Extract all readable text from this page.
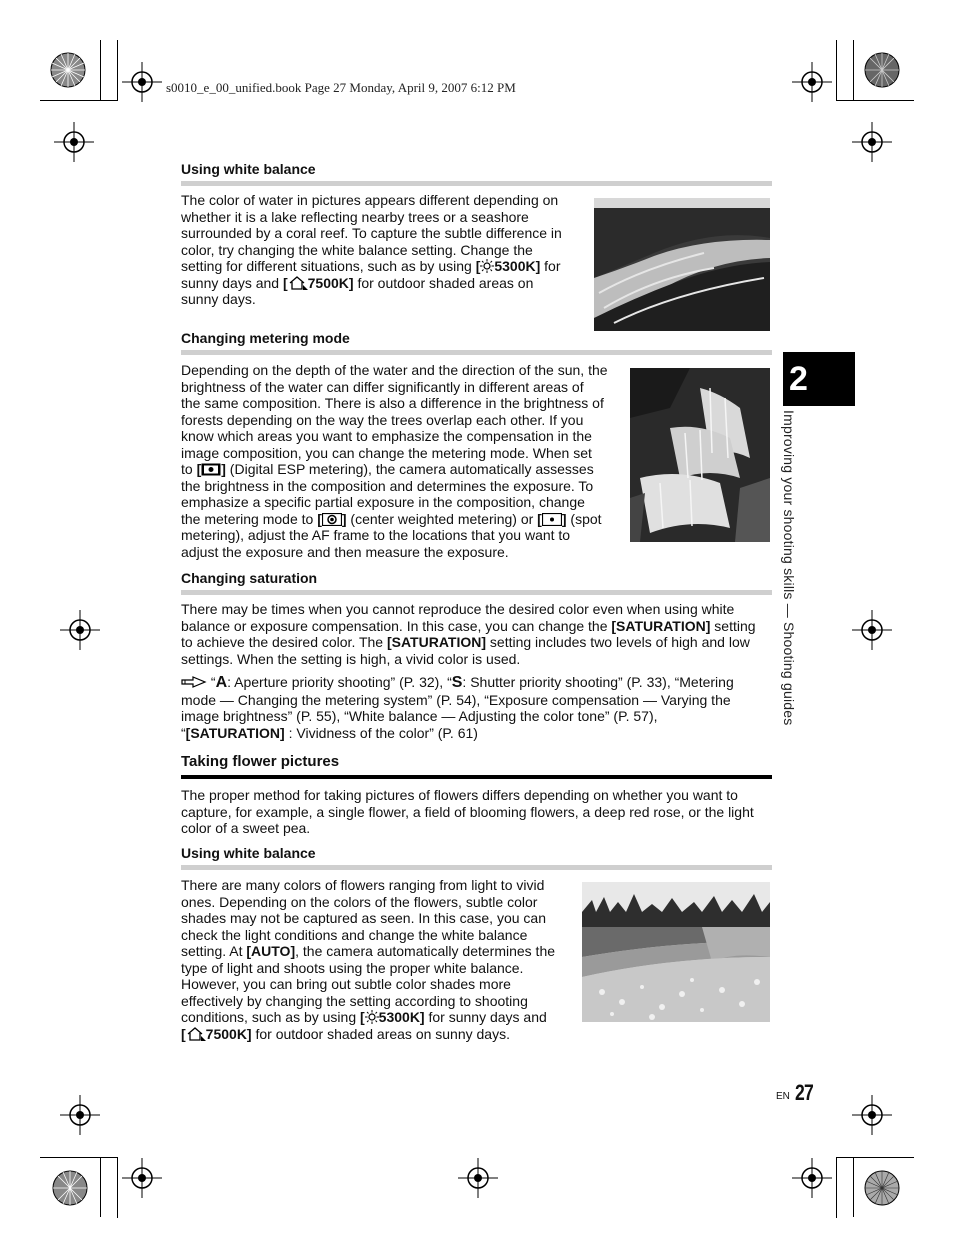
s0010_e_00_unified.book Page 27 Monday, April 9, 2007 6:12 PM
Using white balance
The color of water in pictures appears different depending on
whether it is a lake reflecting nearby trees or a seashore
surrounded by a coral reef. To capture the subtle difference in
color, try changing the white balance setting. Change the
setting for different situations, such as by using [ 5300K] for
sunny days and [ 7500K] for outdoor shaded areas on
sunny days.
Changing metering mode
Depending on the depth of the water and the direction of the sun, the
brightness of the water can differ significantly in different areas of
the same composition. There is also a difference in the brightness of
forests depending on the way the trees overlap each other. If you
know which areas you want to emphasize the compensation in the
image composition, you can change the metering mode. When set
to [ ] (Digital ESP metering), the camera automatically assesses
the brightness in the composition and determines the exposure. To
emphasize a specific partial exposure in the composition, change
the metering mode to [ ] (center weighted metering) or [ ] (spot
metering), adjust the AF frame to the locations that you want to
adjust the exposure and then measure the exposure.
Changing saturation
There may be times when you cannot reproduce the desired color even when using white
balance or exposure compensation. In this case, you can change the [SATURATION] setting
to achieve the desired color. The [SATURATION] setting includes two levels of high and low
settings. When the setting is high, a vivid color is used.
“A: Aperture priority shooting” (P. 32), “S: Shutter priority shooting” (P. 33), “Metering
mode — Changing the metering system” (P. 54), “Exposure compensation — Varying the
image brightness” (P. 55), “White balance — Adjusting the color tone” (P. 57),
“[SATURATION] : Vividness of the color” (P. 61)
Taking flower pictures
The proper method for taking pictures of flowers differs depending on whether you want to
capture, for example, a single flower, a field of blooming flowers, a deep red rose, or the light
color of a sweet pea.
Using white balance
There are many colors of flowers ranging from light to vivid
ones. Depending on the colors of the flowers, subtle color
shades may not be captured as seen. In this case, you can
check the light conditions and change the white balance
setting. At [AUTO], the camera automatically determines the
type of light and shoots using the proper white balance.
However, you can bring out subtle color shades more
effectively by changing the setting according to shooting
conditions, such as by using [ 5300K] for sunny days and
[ 7500K] for outdoor shaded areas on sunny days.
2
Improving your shooting skills — Shooting guides
EN 27
